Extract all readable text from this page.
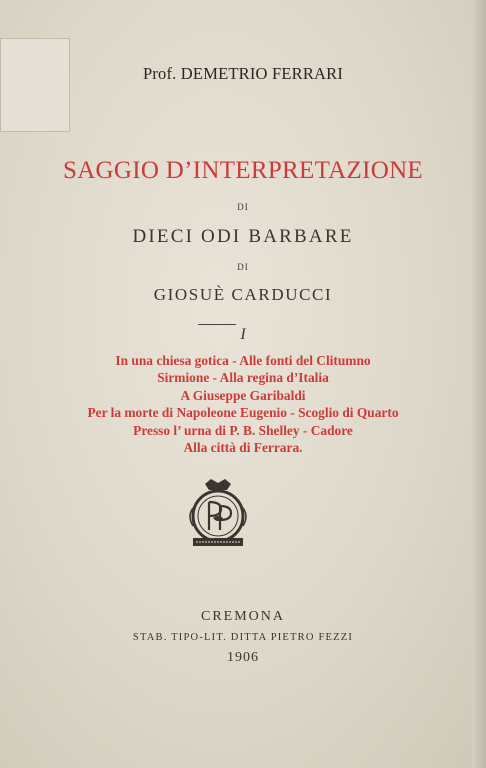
Prof. DEMETRIO FERRARI
SAGGIO D’INTERPRETAZIONE
DI
DIECI ODI BARBARE
DI
GIOSUÈ CARDUCCI
I
In una chiesa gotica - Alle fonti del Clitumno
Sirmione - Alla regina d’Italia
A Giuseppe Garibaldi
Per la morte di Napoleone Eugenio - Scoglio di Quarto
Presso l’ urna di P. B. Shelley - Cadore
Alla città di Ferrara.
CREMONA
STAB. TIPO-LIT. DITTA PIETRO FEZZI
1906
